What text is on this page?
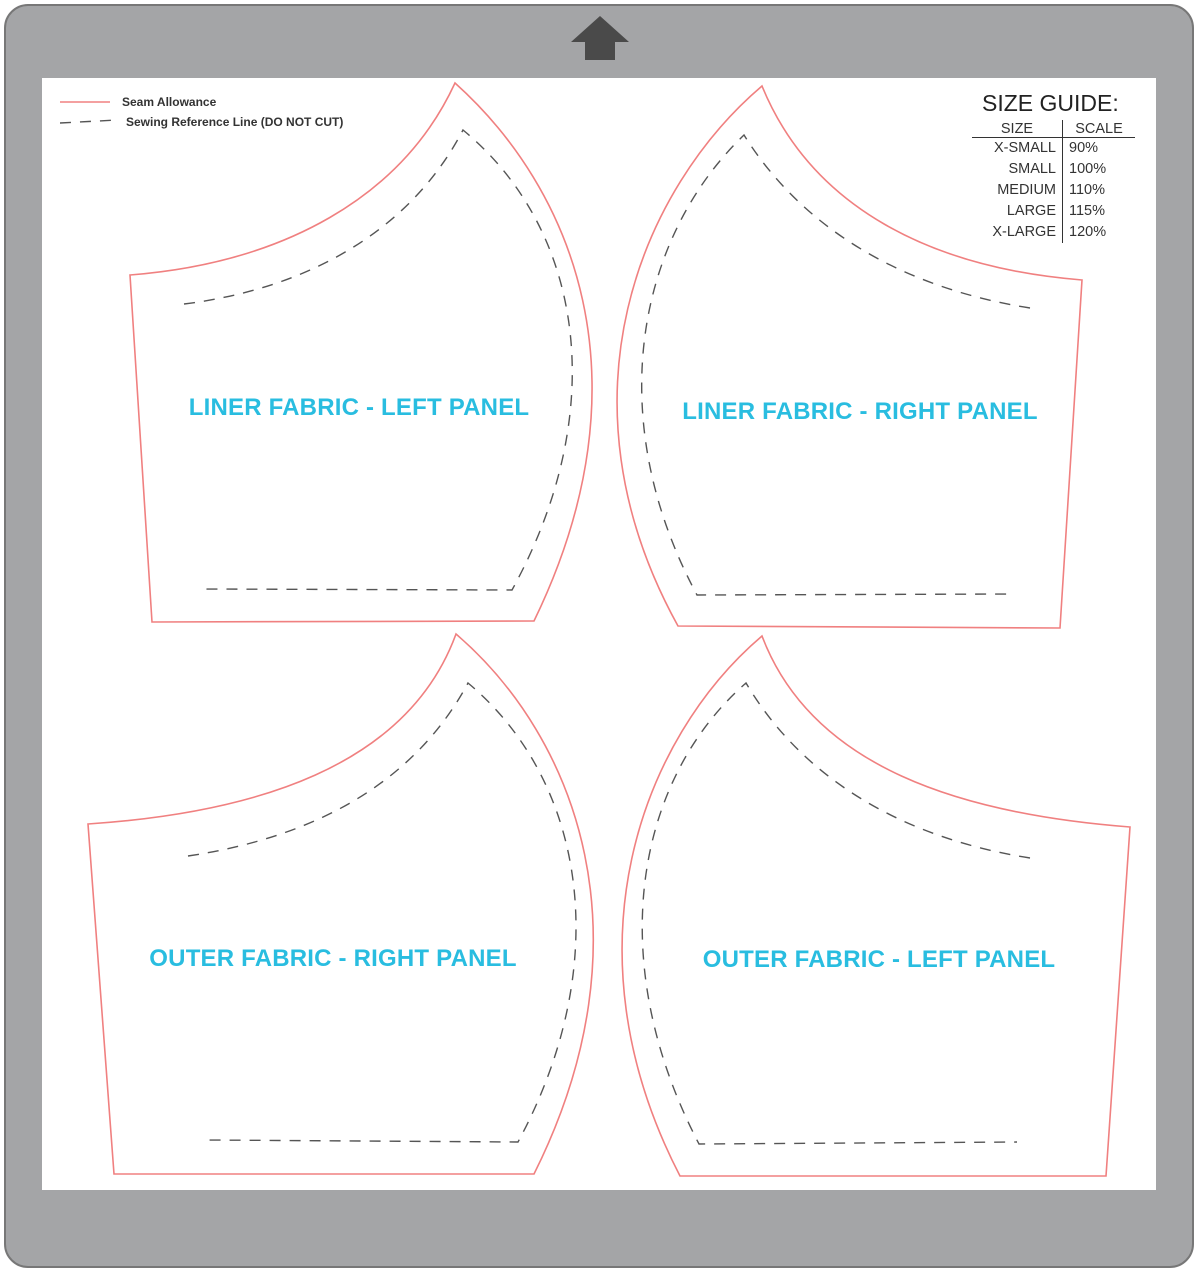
Seam Allowance
Sewing Reference Line (DO NOT CUT)
SIZE GUIDE:
SIZE	SCALE
X-SMALL	90%
SMALL	100%
MEDIUM	110%
LARGE	115%
X-LARGE	120%
LINER FABRIC - LEFT PANEL	LINER FABRIC - RIGHT PANEL
OUTER FABRIC - RIGHT PANEL	OUTER FABRIC - LEFT PANEL
